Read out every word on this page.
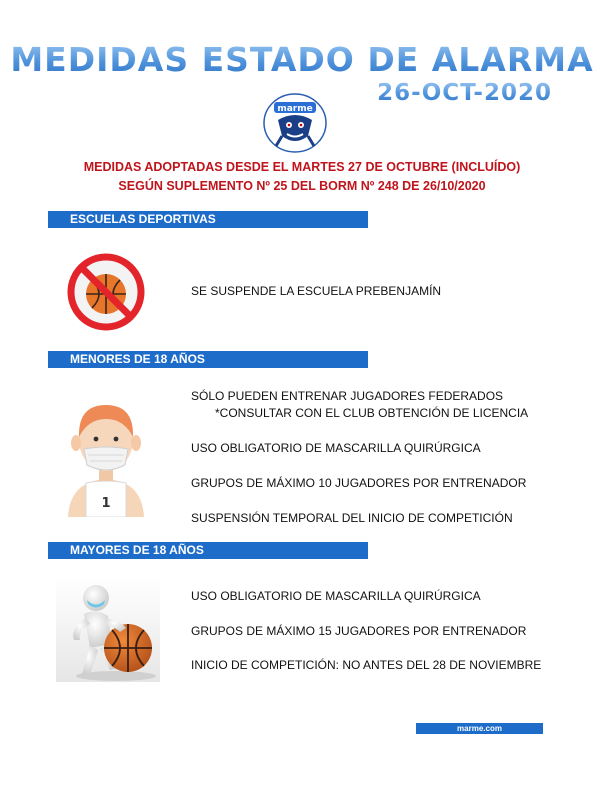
MEDIDAS ESTADO DE ALARMA
26-OCT-2020
marme
MEDIDAS ADOPTADAS DESDE EL MARTES 27 DE OCTUBRE (INCLUÍDO)
SEGÚN SUPLEMENTO Nº 25 DEL BORM Nº 248 DE 26/10/2020
ESCUELAS DEPORTIVAS
SE SUSPENDE LA ESCUELA PREBENJAMÍN
MENORES DE 18 AÑOS
1
SÓLO PUEDEN ENTRENAR JUGADORES FEDERADOS
*CONSULTAR CON EL CLUB OBTENCIÓN DE LICENCIA
USO OBLIGATORIO DE MASCARILLA QUIRÚRGICA
GRUPOS DE MÁXIMO 10 JUGADORES POR ENTRENADOR
SUSPENSIÓN TEMPORAL DEL INICIO DE COMPETICIÓN
MAYORES DE 18 AÑOS
USO OBLIGATORIO DE MASCARILLA QUIRÚRGICA
GRUPOS DE MÁXIMO 15 JUGADORES POR ENTRENADOR
INICIO DE COMPETICIÓN: NO ANTES DEL 28 DE NOVIEMBRE
marme.com
